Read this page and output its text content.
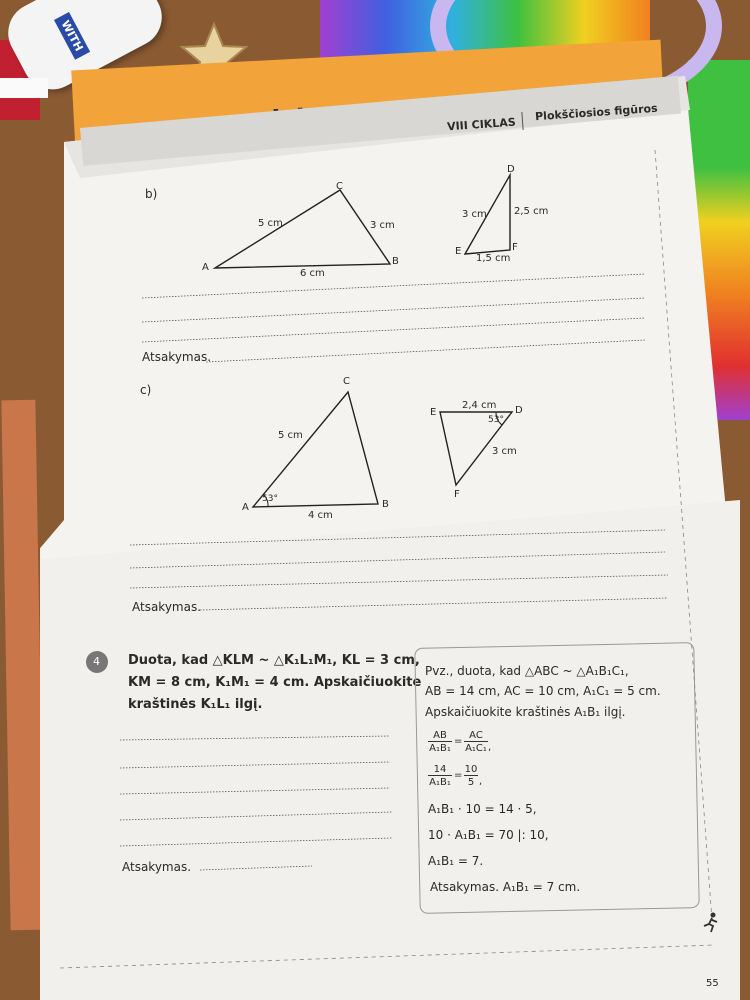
WITH
VIII CIKLAS
Plokščiosios figūros
b)
A
B
C
5 cm	3 cm
6 cm
D
E	F
3 cm	2,5 cm
1,5 cm
Atsakymas.
c)
A	B
C
5 cm
4 cm
53°
E	D
F
2,4 cm
3 cm
53°
Atsakymas.
4 Duota, kad △KLM ~ △K₁L₁M₁, KL = 3 cm,
KM = 8 cm, K₁M₁ = 4 cm. Apskaičiuokite
kraštinės K₁L₁ ilgį.
Atsakymas.
Pvz., duota, kad △ABC ~ △A₁B₁C₁,
AB = 14 cm, AC = 10 cm, A₁C₁ = 5 cm.
Apskaičiuokite kraštinės A₁B₁ ilgį.
AB
A₁B₁
=
AC
A₁C₁ ,
14
A₁B₁
=
10
5 ,
A₁B₁ · 10 = 14 · 5,
10 · A₁B₁ = 70 |: 10,
A₁B₁ = 7.
Atsakymas. A₁B₁ = 7 cm.
55
